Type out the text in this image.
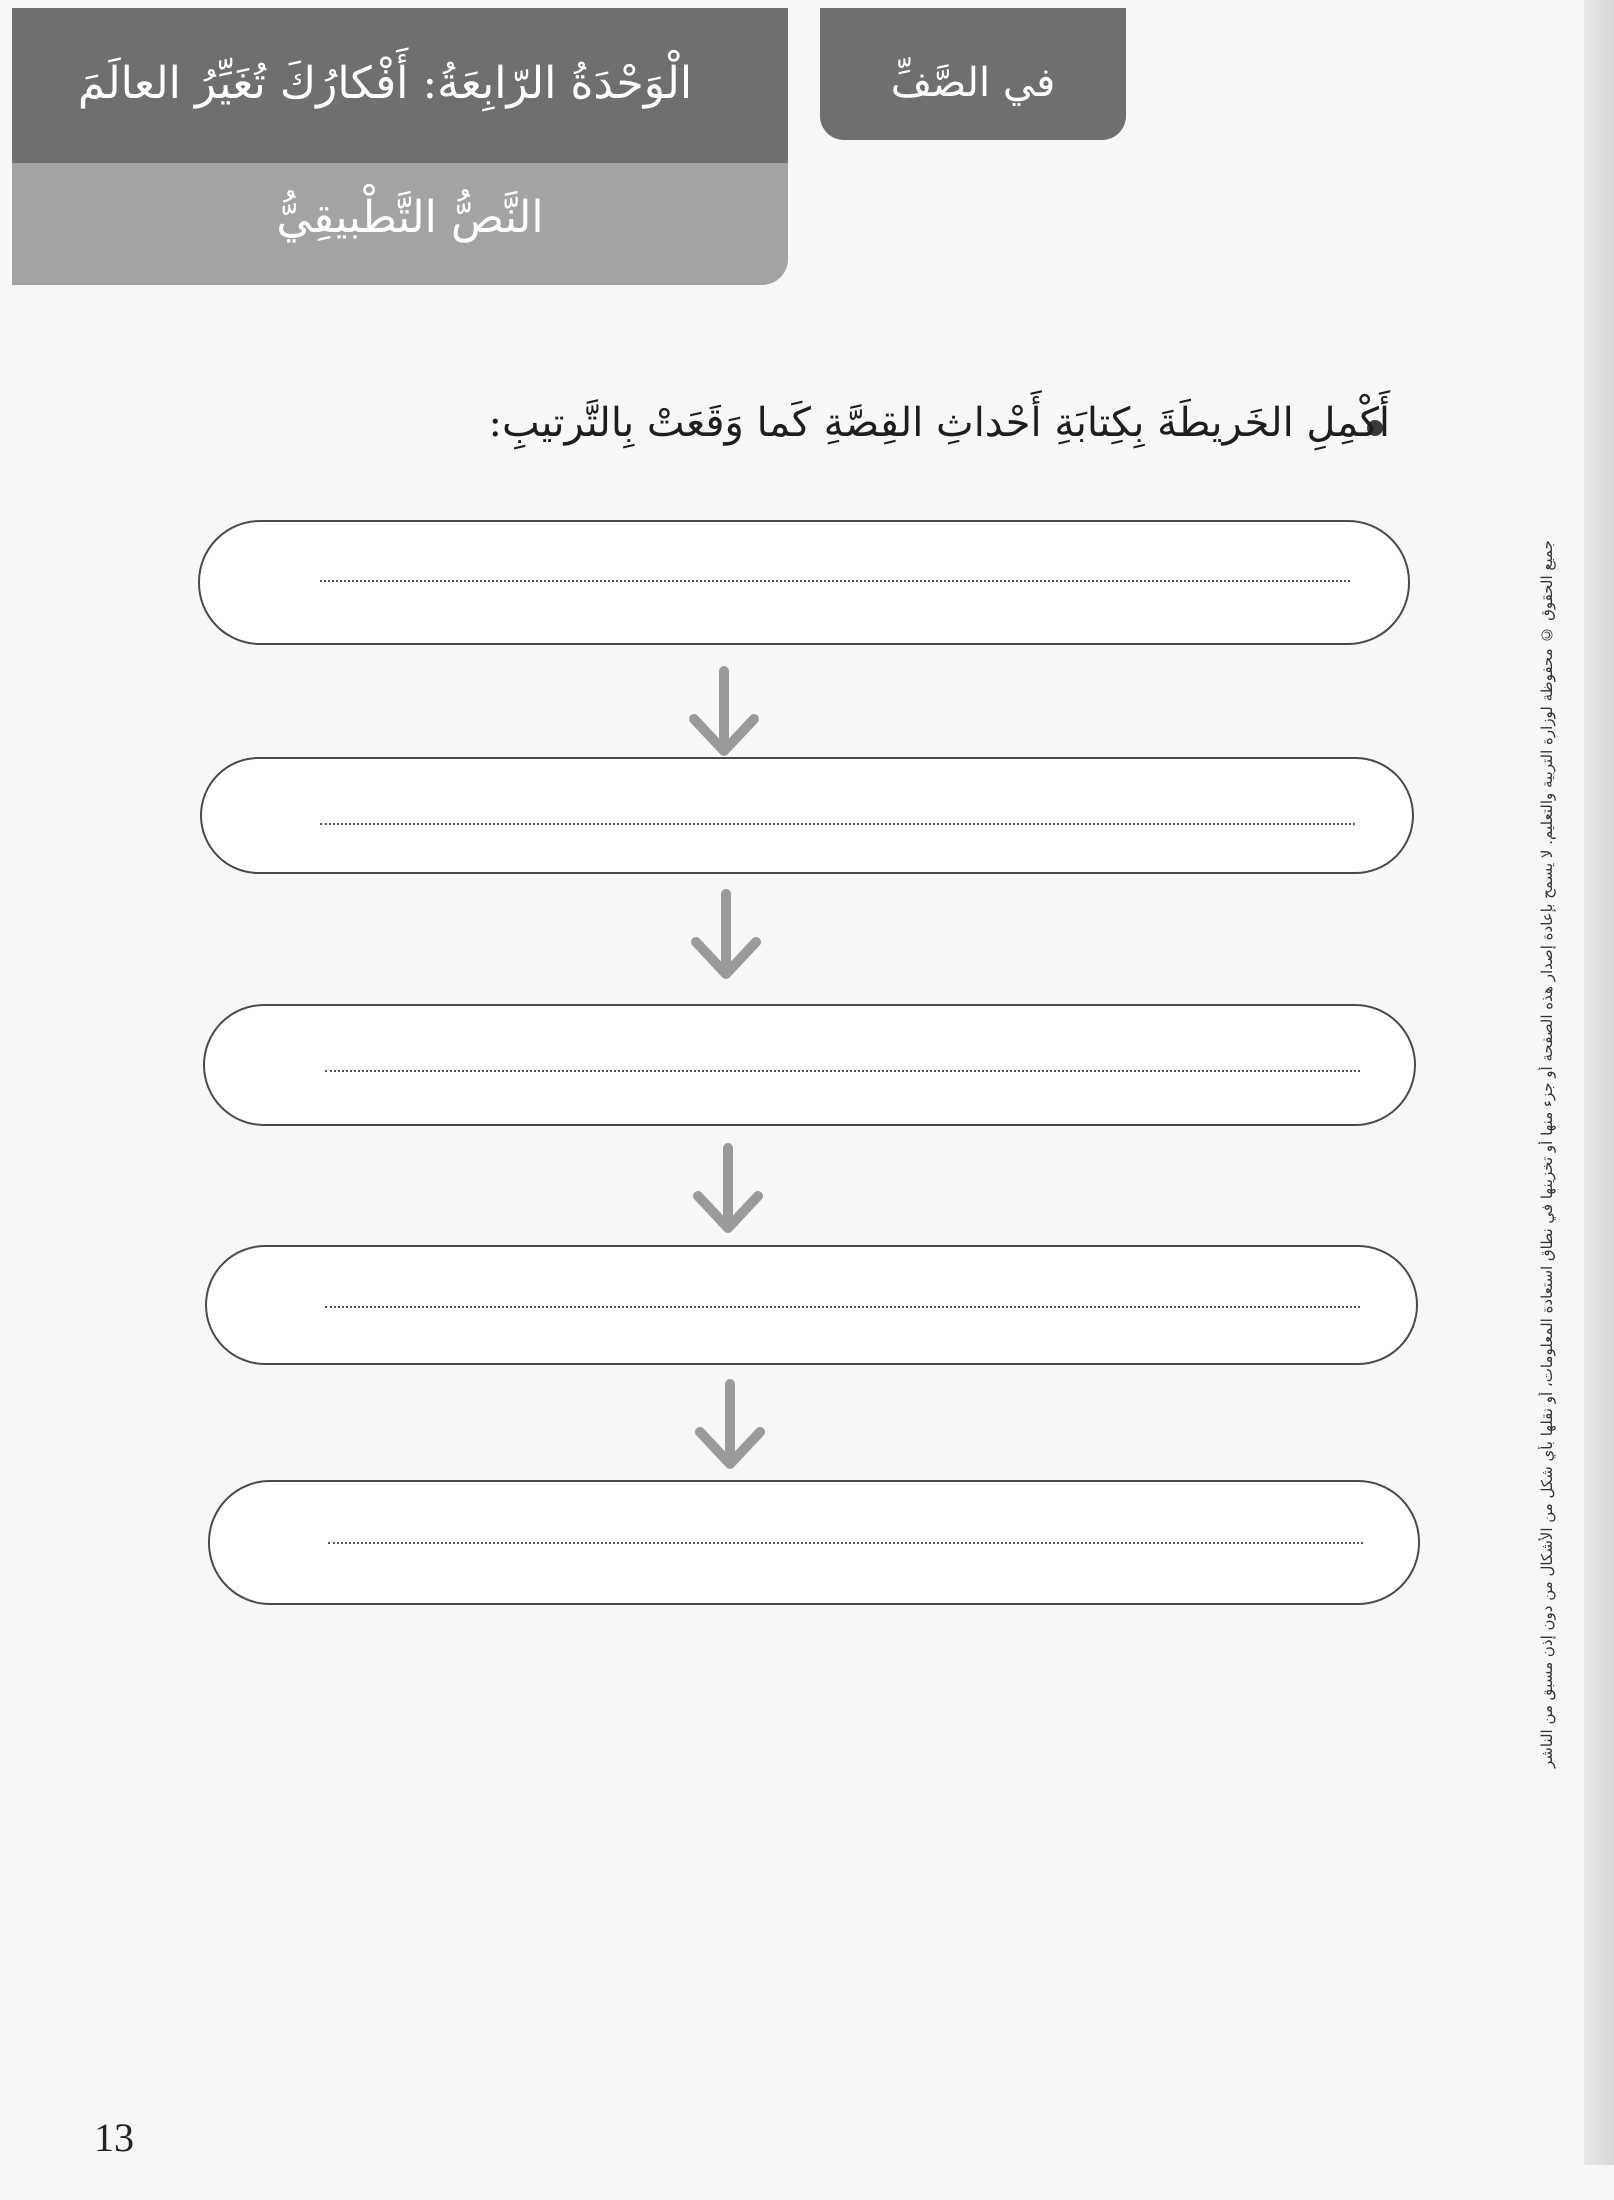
الْوَحْدَةُ الرّابِعَةُ: أَفْكارُكَ تُغَيِّرُ العالَمَ
النَّصُّ التَّطْبيقِيُّ
في الصَّفِّ
أَكْمِلِ الخَريطَةَ بِكِتابَةِ أَحْداثِ القِصَّةِ كَما وَقَعَتْ بِالتَّرتيبِ:
جميع الحقوق © محفوظة لوزارة التربية والتعليم. لا يسمح بإعادة إصدار هذه الصفحة أو جزء منها أو تخزينها في نطاق استعادة المعلومات، أو نقلها بأي شكل من الأشكال من دون إذن مسبق من الناشر
13
